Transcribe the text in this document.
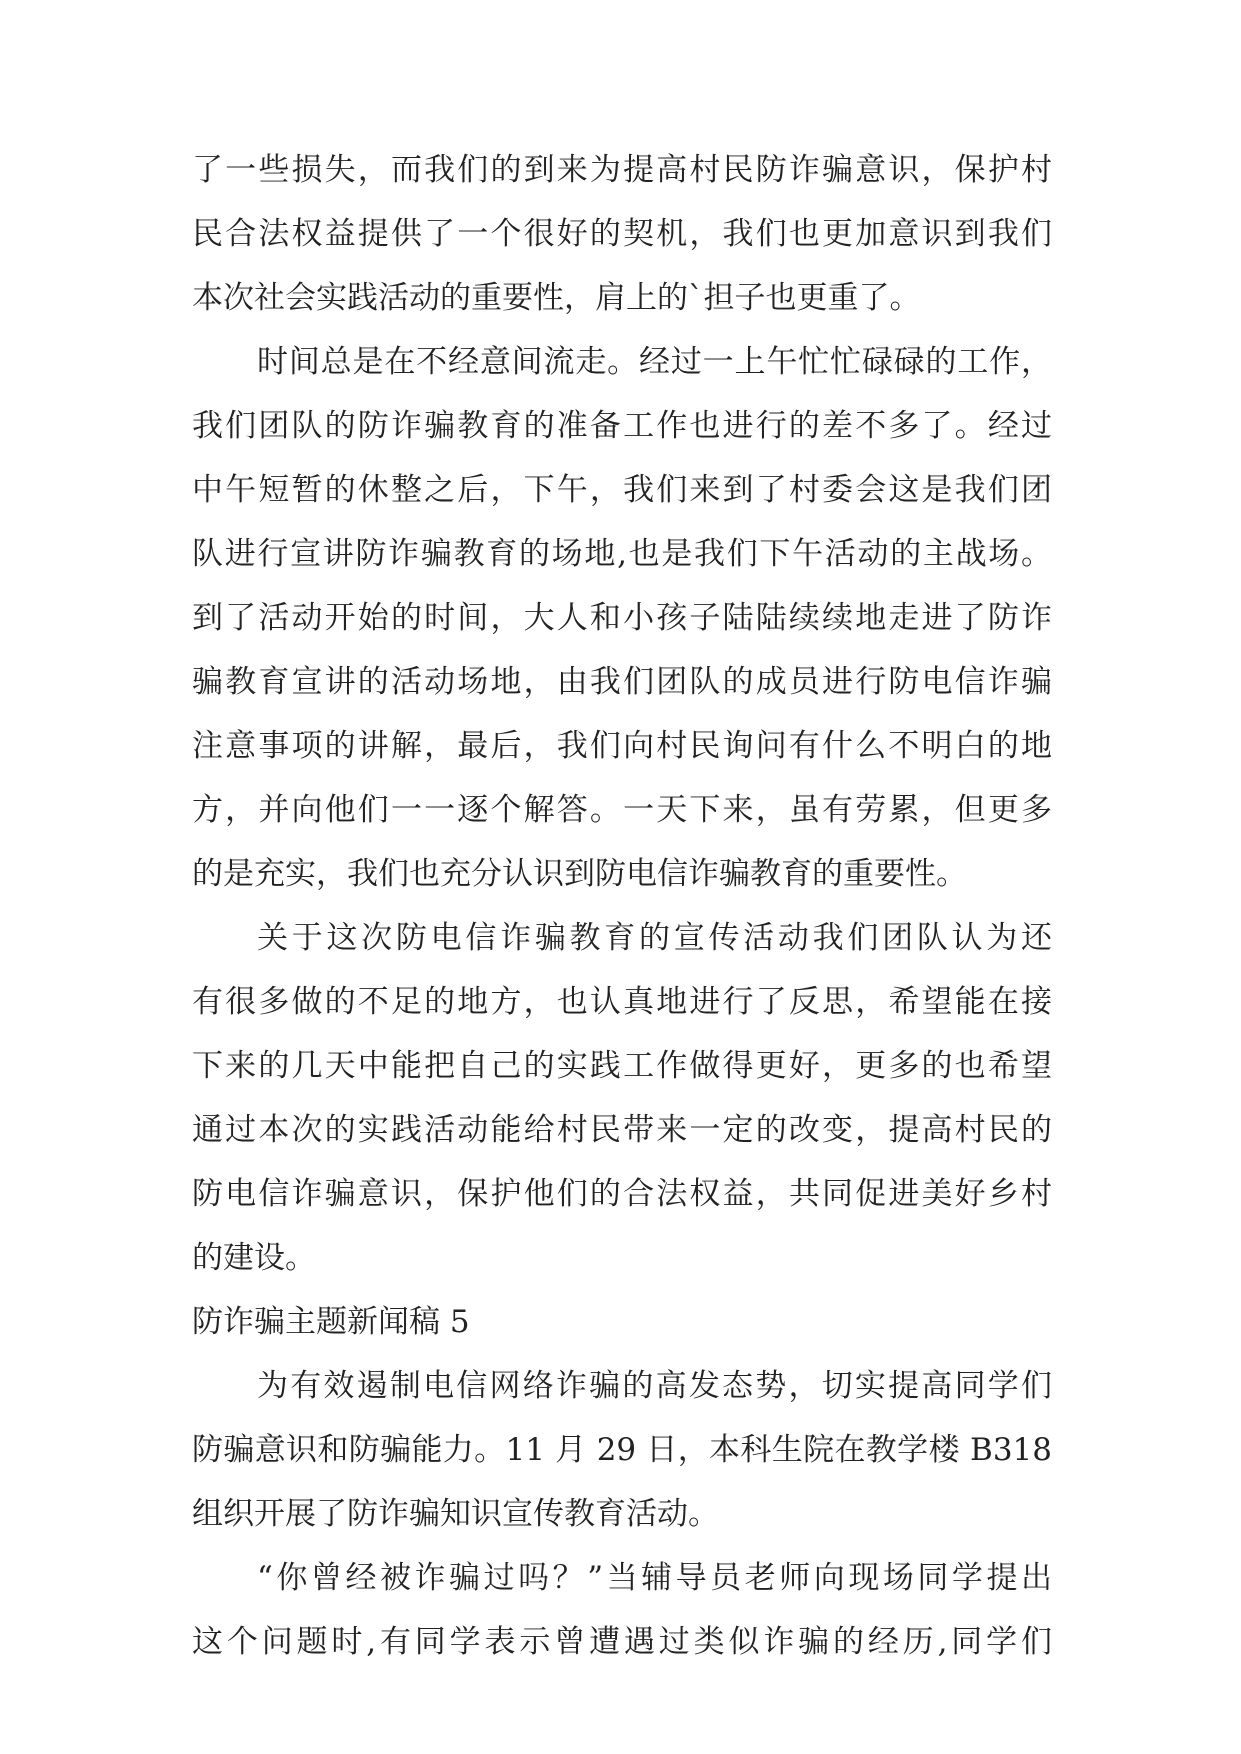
了一些损失，而我们的到来为提高村民防诈骗意识，保护村
民合法权益提供了一个很好的契机，我们也更加意识到我们
本次社会实践活动的重要性，肩上的`担子也更重了。
时间总是在不经意间流走。经过一上午忙忙碌碌的工作，
我们团队的防诈骗教育的准备工作也进行的差不多了。经过
中午短暂的休整之后，下午，我们来到了村委会这是我们团
队进行宣讲防诈骗教育的场地,也是我们下午活动的主战场。
到了活动开始的时间，大人和小孩子陆陆续续地走进了防诈
骗教育宣讲的活动场地，由我们团队的成员进行防电信诈骗
注意事项的讲解，最后，我们向村民询问有什么不明白的地
方，并向他们一一逐个解答。一天下来，虽有劳累，但更多
的是充实，我们也充分认识到防电信诈骗教育的重要性。
关于这次防电信诈骗教育的宣传活动我们团队认为还
有很多做的不足的地方，也认真地进行了反思，希望能在接
下来的几天中能把自己的实践工作做得更好，更多的也希望
通过本次的实践活动能给村民带来一定的改变，提高村民的
防电信诈骗意识，保护他们的合法权益，共同促进美好乡村
的建设。
防诈骗主题新闻稿 5
为有效遏制电信网络诈骗的高发态势，切实提高同学们
防骗意识和防骗能力。11 月 29 日，本科生院在教学楼 B318
组织开展了防诈骗知识宣传教育活动。
“你曾经被诈骗过吗？”当辅导员老师向现场同学提出
这个问题时,有同学表示曾遭遇过类似诈骗的经历,同学们
